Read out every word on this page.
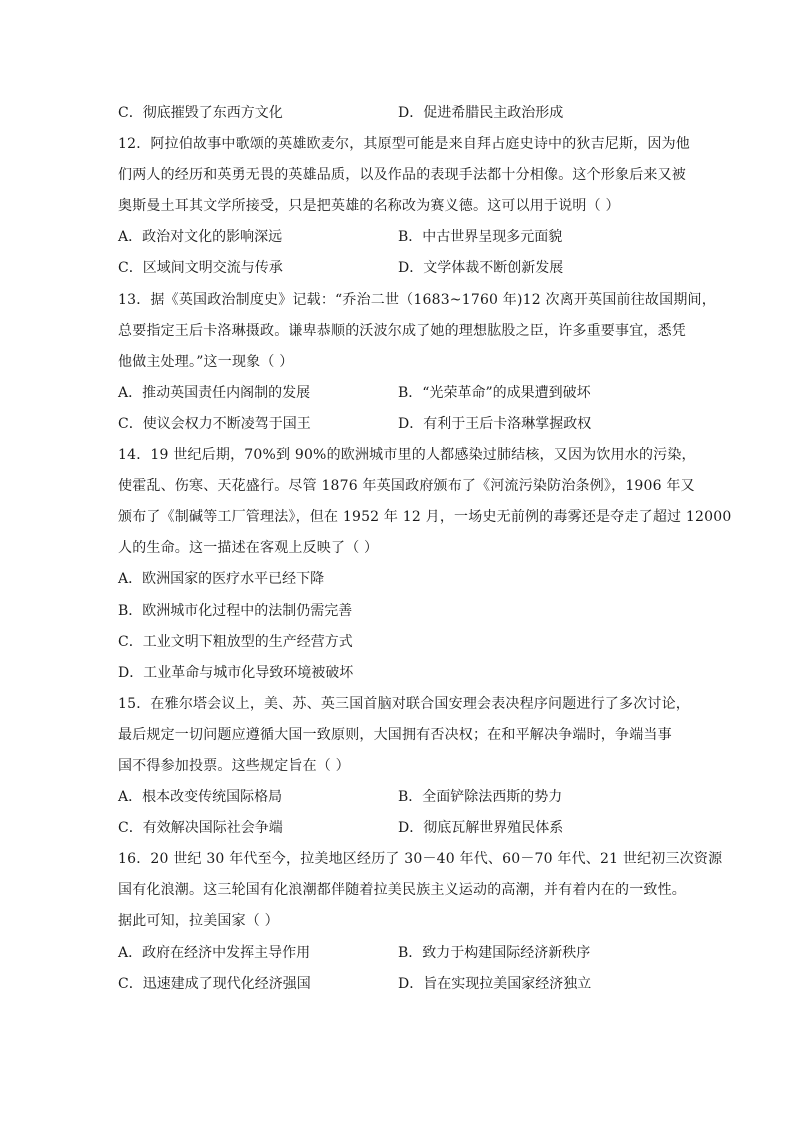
C．彻底摧毁了东西方文化	D．促进希腊民主政治形成
12．阿拉伯故事中歌颂的英雄欧麦尔，其原型可能是来自拜占庭史诗中的狄吉尼斯，因为他
们两人的经历和英勇无畏的英雄品质，以及作品的表现手法都十分相像。这个形象后来又被
奥斯曼土耳其文学所接受，只是把英雄的名称改为赛义德。这可以用于说明（ ）
A．政治对文化的影响深远	B．中古世界呈现多元面貌
C．区域间文明交流与传承	D．文学体裁不断创新发展
13．据《英国政治制度史》记载：“乔治二世（1683~1760 年)12 次离开英国前往故国期间，
总要指定王后卡洛琳摄政。谦卑恭顺的沃波尔成了她的理想肱股之臣，许多重要事宜，悉凭
他做主处理。”这一现象（ ）
A．推动英国责任内阁制的发展	B．“光荣革命”的成果遭到破坏
C．使议会权力不断凌驾于国王	D．有利于王后卡洛琳掌握政权
14．19 世纪后期，70%到 90%的欧洲城市里的人都感染过肺结核，又因为饮用水的污染，
使霍乱、伤寒、天花盛行。尽管 1876 年英国政府颁布了《河流污染防治条例》，1906 年又
颁布了《制碱等工厂管理法》，但在 1952 年 12 月，一场史无前例的毒雾还是夺走了超过 12000
人的生命。这一描述在客观上反映了（ ）
A．欧洲国家的医疗水平已经下降
B．欧洲城市化过程中的法制仍需完善
C．工业文明下粗放型的生产经营方式
D．工业革命与城市化导致环境被破坏
15．在雅尔塔会议上，美、苏、英三国首脑对联合国安理会表决程序问题进行了多次讨论，
最后规定一切问题应遵循大国一致原则，大国拥有否决权；在和平解决争端时，争端当事
国不得参加投票。这些规定旨在（ ）
A．根本改变传统国际格局	B．全面铲除法西斯的势力
C．有效解决国际社会争端	D．彻底瓦解世界殖民体系
16．20 世纪 30 年代至今，拉美地区经历了 30－40 年代、60－70 年代、21 世纪初三次资源
国有化浪潮。这三轮国有化浪潮都伴随着拉美民族主义运动的高潮，并有着内在的一致性。
据此可知，拉美国家（ ）
A．政府在经济中发挥主导作用	B．致力于构建国际经济新秩序
C．迅速建成了现代化经济强国	D．旨在实现拉美国家经济独立
